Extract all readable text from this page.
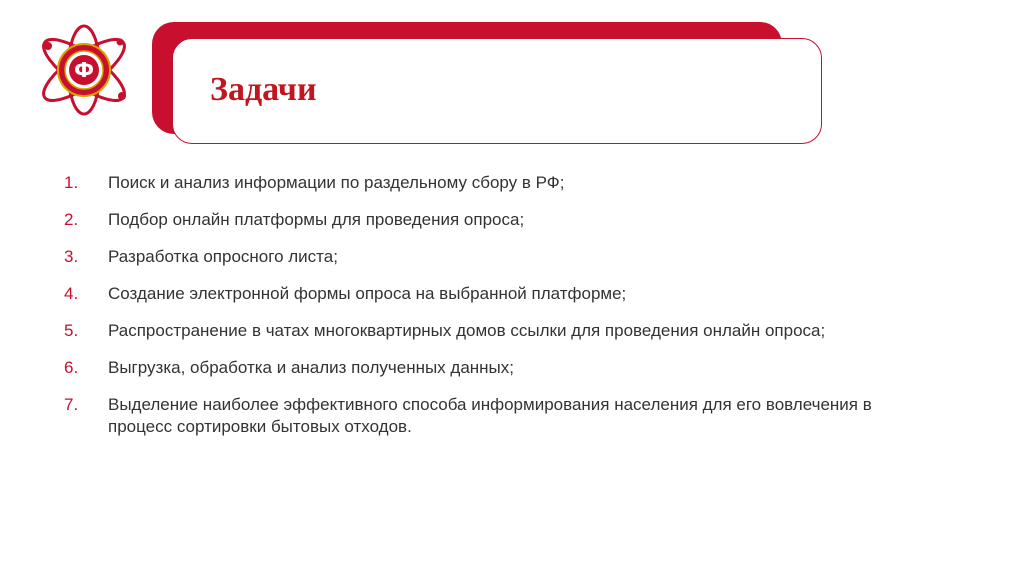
Ф
Задачи
1. Поиск и анализ информации по раздельному сбору в РФ;
2. Подбор онлайн платформы для проведения опроса;
3. Разработка опросного листа;
4. Создание электронной формы опроса на выбранной платформе;
5. Распространение в чатах многоквартирных домов ссылки для проведения онлайн опроса;
6. Выгрузка, обработка и анализ полученных данных;
7. Выделение наиболее эффективного способа информирования населения для его вовлечения в процесс сортировки бытовых отходов.
